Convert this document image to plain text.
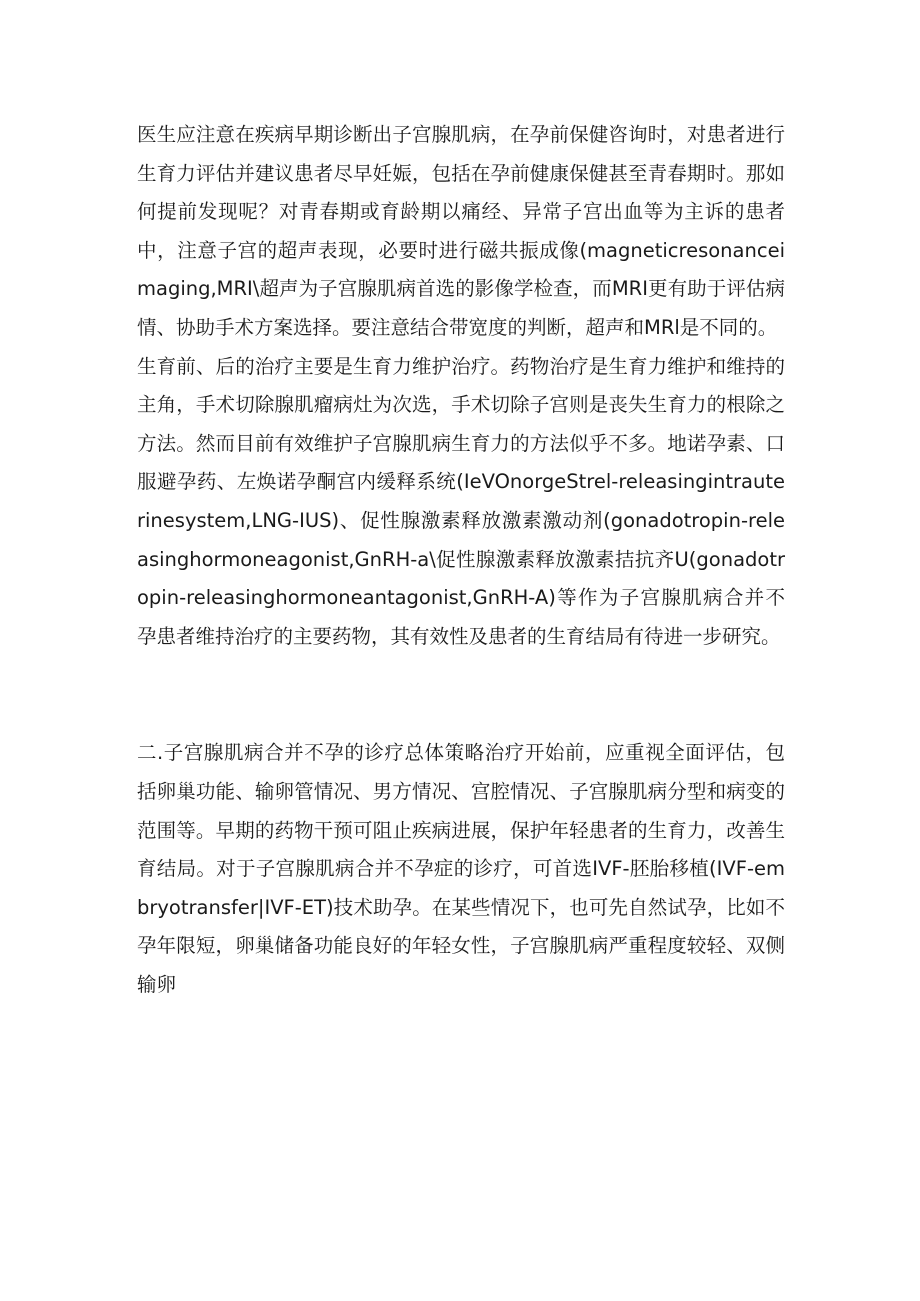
医生应注意在疾病早期诊断出子宫腺肌病，在孕前保健咨询时，对患者进行生育力评估并建议患者尽早妊娠，包括在孕前健康保健甚至青春期时。那如何提前发现呢？对青春期或育龄期以痛经、异常子宫出血等为主诉的患者中，注意子宫的超声表现，必要时进行磁共振成像(magneticresonanceimaging,MRI\超声为子宫腺肌病首选的影像学检查，而MRI更有助于评估病情、协助手术方案选择。要注意结合带宽度的判断，超声和MRl是不同的。

生育前、后的治疗主要是生育力维护治疗。药物治疗是生育力维护和维持的主角，手术切除腺肌瘤病灶为次选，手术切除子宫则是丧失生育力的根除之方法。然而目前有效维护子宫腺肌病生育力的方法似乎不多。地诺孕素、口服避孕药、左焕诺孕酮宫内缓释系统(IeVOnorgeStrel-releasingintrauterinesystem,LNG-IUS)、促性腺激素释放激素激动剂(gonadotropin-releasinghormoneagonist,GnRH-a\促性腺激素释放激素拮抗齐U(gonadotropin-releasinghormoneantagonist,GnRH-A)等作为子宫腺肌病合并不孕患者维持治疗的主要药物，其有效性及患者的生育结局有待进一步研究。

二.子宫腺肌病合并不孕的诊疗总体策略治疗开始前，应重视全面评估，包括卵巢功能、输卵管情况、男方情况、宫腔情况、子宫腺肌病分型和病变的范围等。早期的药物干预可阻止疾病进展，保护年轻患者的生育力，改善生育结局。对于子宫腺肌病合并不孕症的诊疗，可首选IVF-胚胎移植(IVF-embryotransfer|IVF-ET)技术助孕。在某些情况下，也可先自然试孕，比如不孕年限短，卵巢储备功能良好的年轻女性，子宫腺肌病严重程度较轻、双侧输卵
